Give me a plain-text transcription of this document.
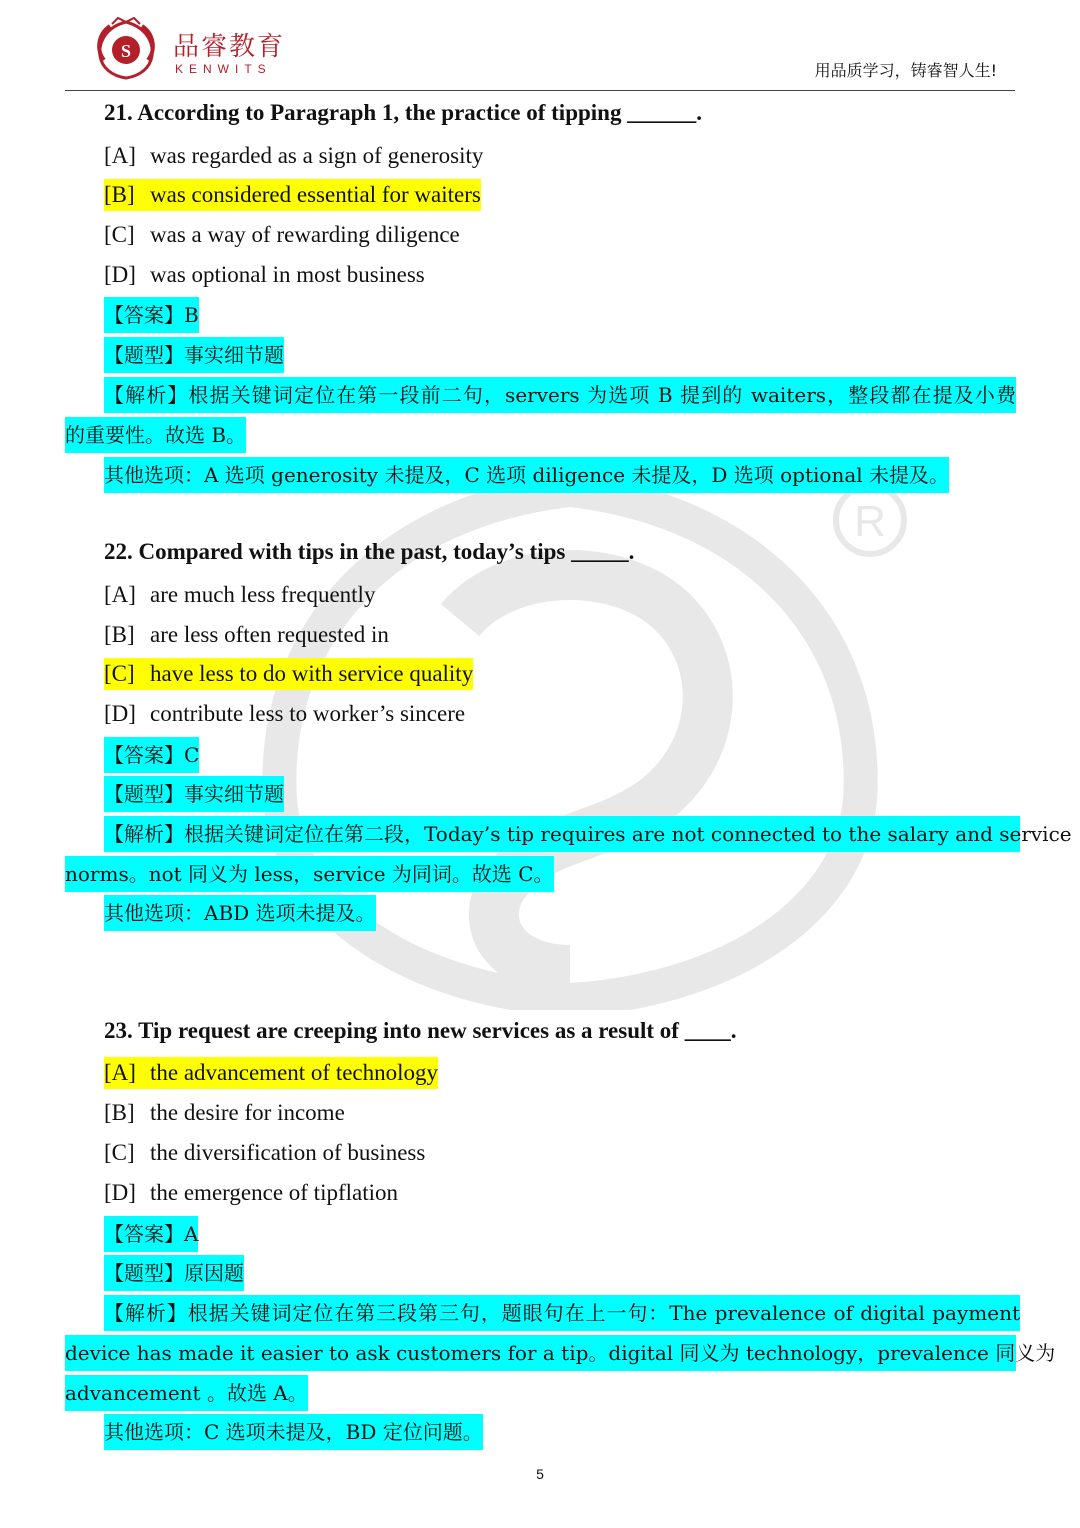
S 品睿教育
KENWITS	用品质学习，铸睿智人生!
R
21. According to Paragraph 1, the practice of tipping ______.
[A] was regarded as a sign of generosity
[B] was considered essential for waiters
[C] was a way of rewarding diligence
[D] was optional in most business
【答案】B
【题型】事实细节题
【解析】根据关键词定位在第一段前二句，servers 为选项 B 提到的 waiters，整段都在提及小费
的重要性。故选 B。
其他选项：A 选项 generosity 未提及，C 选项 diligence 未提及，D 选项 optional 未提及。
22. Compared with tips in the past, today’s tips _____.
[A] are much less frequently
[B] are less often requested in
[C] have less to do with service quality
[D] contribute less to worker’s sincere
【答案】C
【题型】事实细节题
【解析】根据关键词定位在第二段，Today’s tip requires are not connected to the salary and service
norms。not 同义为 less，service 为同词。故选 C。
其他选项：ABD 选项未提及。
23. Tip request are creeping into new services as a result of ____.
[A] the advancement of technology
[B] the desire for income
[C] the diversification of business
[D] the emergence of tipflation
【答案】A
【题型】原因题
【解析】根据关键词定位在第三段第三句，题眼句在上一句：The prevalence of digital payment
device has made it easier to ask customers for a tip。digital 同义为 technology，prevalence 同义为
advancement 。故选 A。
其他选项：C 选项未提及，BD 定位问题。
5
